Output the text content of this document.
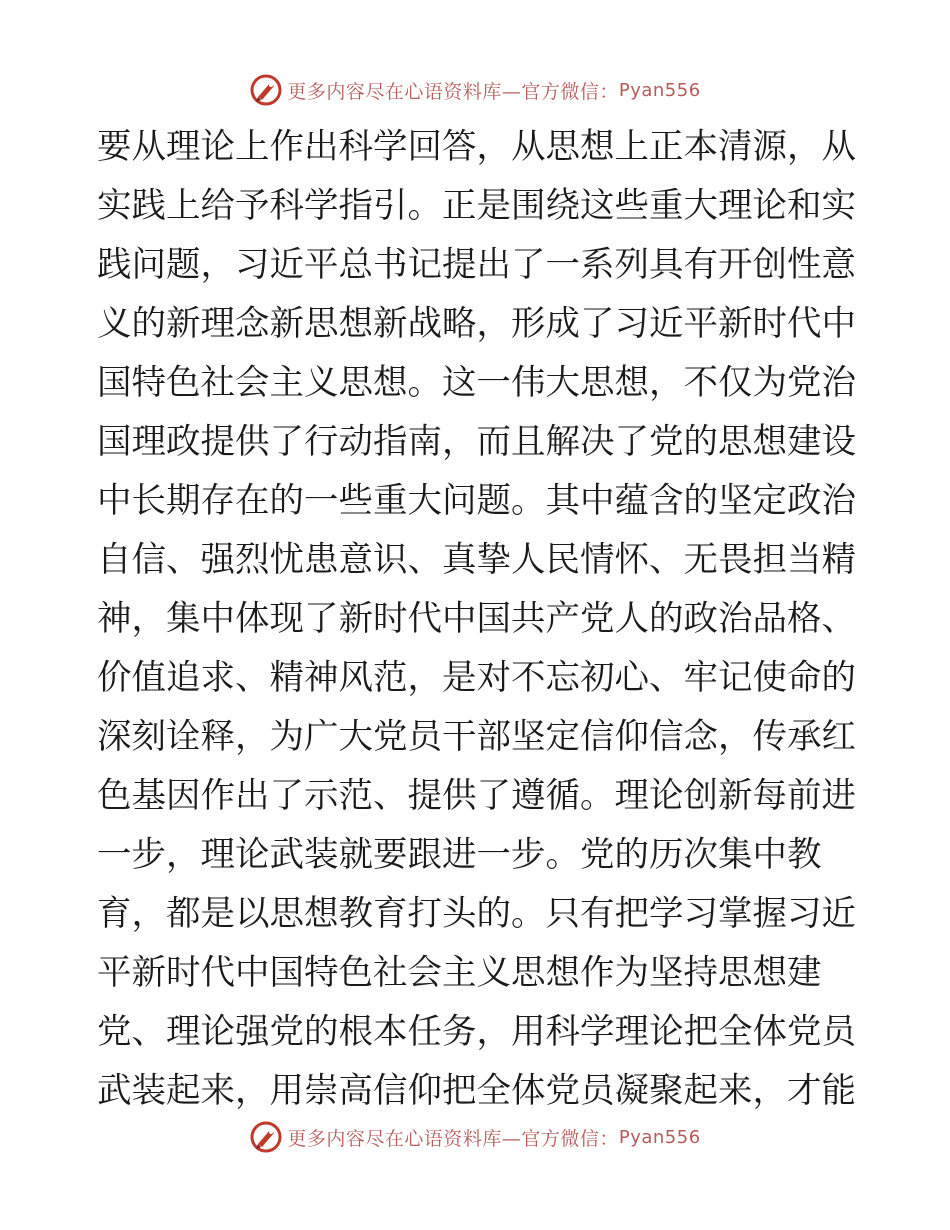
更多内容尽在心语资料库—官方微信： Pyan556
要从理论上作出科学回答，从思想上正本清源，从
实践上给予科学指引。正是围绕这些重大理论和实
践问题，习近平总书记提出了一系列具有开创性意
义的新理念新思想新战略，形成了习近平新时代中
国特色社会主义思想。这一伟大思想，不仅为党治
国理政提供了行动指南，而且解决了党的思想建设
中长期存在的一些重大问题。其中蕴含的坚定政治
自信、强烈忧患意识、真挚人民情怀、无畏担当精
神，集中体现了新时代中国共产党人的政治品格、
价值追求、精神风范，是对不忘初心、牢记使命的
深刻诠释，为广大党员干部坚定信仰信念，传承红
色基因作出了示范、提供了遵循。理论创新每前进
一步，理论武装就要跟进一步。党的历次集中教
育，都是以思想教育打头的。只有把学习掌握习近
平新时代中国特色社会主义思想作为坚持思想建
党、理论强党的根本任务，用科学理论把全体党员
武装起来，用崇高信仰把全体党员凝聚起来，才能
更多内容尽在心语资料库—官方微信： Pyan556
